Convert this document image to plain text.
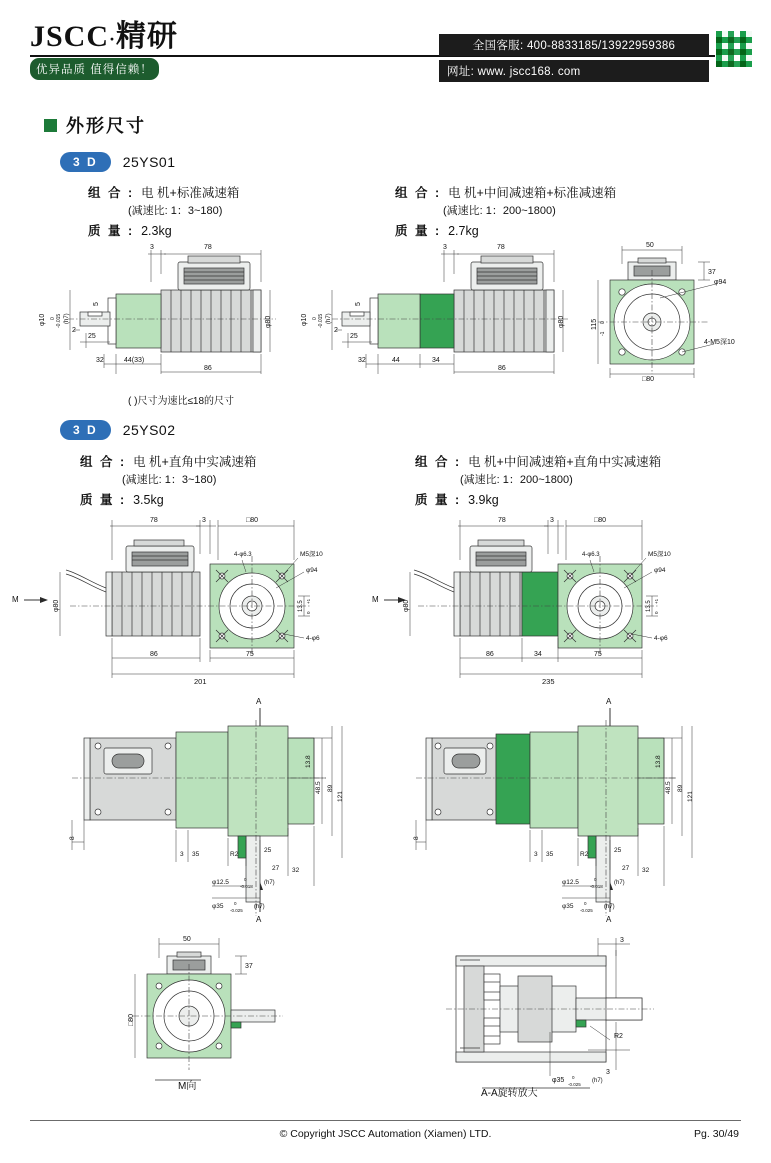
JSCC·精研
优异品质 值得信赖！
全国客服: 400-8833185/13922959386
网址: www. jscc168. com
外形尺寸
3 D	25YS01
组 合 : 电 机+标准减速箱
(减速比: 1：3~180)
质 量 : 2.3kg
组 合 : 电 机+中间减速箱+标准减速箱
(减速比: 1：200~1800)
质 量 : 2.7kg
3	78
φ10 0 -0.015 (h7)
25
2
5
φ80
32	44(33)
86
( )尺寸为速比≤18的尺寸
3	78
φ10 0 -0.015 (h7)
25
2
5
φ80
32	44	34
86
50
37
115 0
-1
φ94
4-M5深10
□80
3 D	25YS02
组 合 : 电 机+直角中实减速箱
(减速比: 1：3~180)
质 量 : 3.5kg
组 合 : 电 机+中间减速箱+直角中实减速箱
(减速比: 1：200~1800)
质 量 : 3.9kg
78	3	□80
4-φ6.3	M5深10
φ94
4-φ6
M
φ80	13.5 +1
0
86	75
201
78	3	□80
4-φ6.3	M5深10
φ94
4-φ6
M
φ80	13.5 +1
0
86	34	75
235
A
A
8
3 35	R2
25
27 32
13.8
48.5 89
121
φ12.5	0
-0.018
(h7)
φ35 0
-0.025
(h7)
A
A
8
3 35	R2
25
27 32
13.8
48.5 89
121
φ12.5	0
-0.018
(h7)
φ35 0
-0.025
(h7)
50
37
□80
M向
3
3
R2
φ35 0
-0.025
(h7)
A-A旋转放大
© Copyright JSCC Automation (Xiamen) LTD.	Pg. 30/49
